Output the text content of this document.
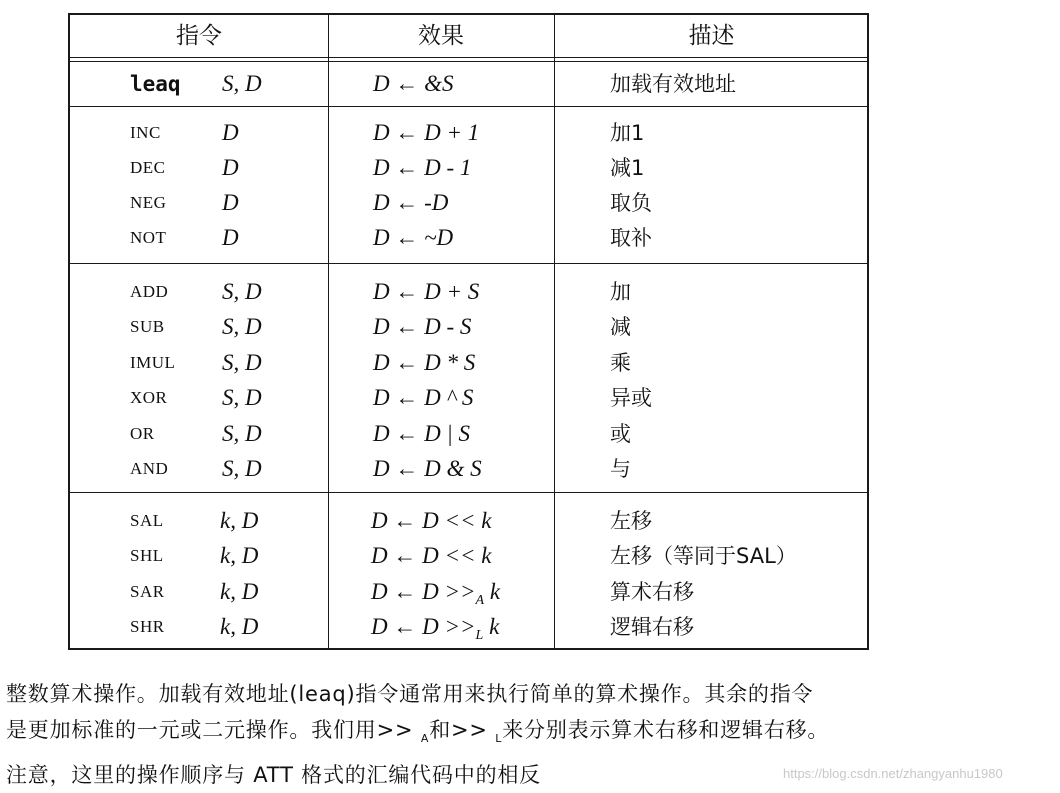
指令	效果	描述
leaq S, D	D ← &S	加载有效地址
INC	D	D ← D + 1	加1
DEC D	D ← D - 1	减1
NEG D	D ← -D	取负
NOT D	D ← ~D	取补
ADD S, D	D ← D + S	加
SUB S, D	D ← D - S	减
IMUL S, D	D ← D * S	乘
XOR S, D	D ← D ^ S	异或
OR	S, D	D ← D | S	或
AND S, D	D ← D & S	与
SAL k, D	D ← D << k	左移
SHL k, D	D ← D << k	左移（等同于SAL）
SAR k, D	D ← $D >>_A$ k	算术右移
SHR k, D	D ← $D >>_L$ k	逻辑右移
整数算术操作。加载有效地址(leaq)指令通常用来执行简单的算术操作。其余的指令
是更加标准的一元或二元操作。我们用>> $_A$和>> $_L$来分别表示算术右移和逻辑右移。
注意，这里的操作顺序与 ATT 格式的汇编代码中的相反	https://blog.csdn.net/zhangyanhu1980
